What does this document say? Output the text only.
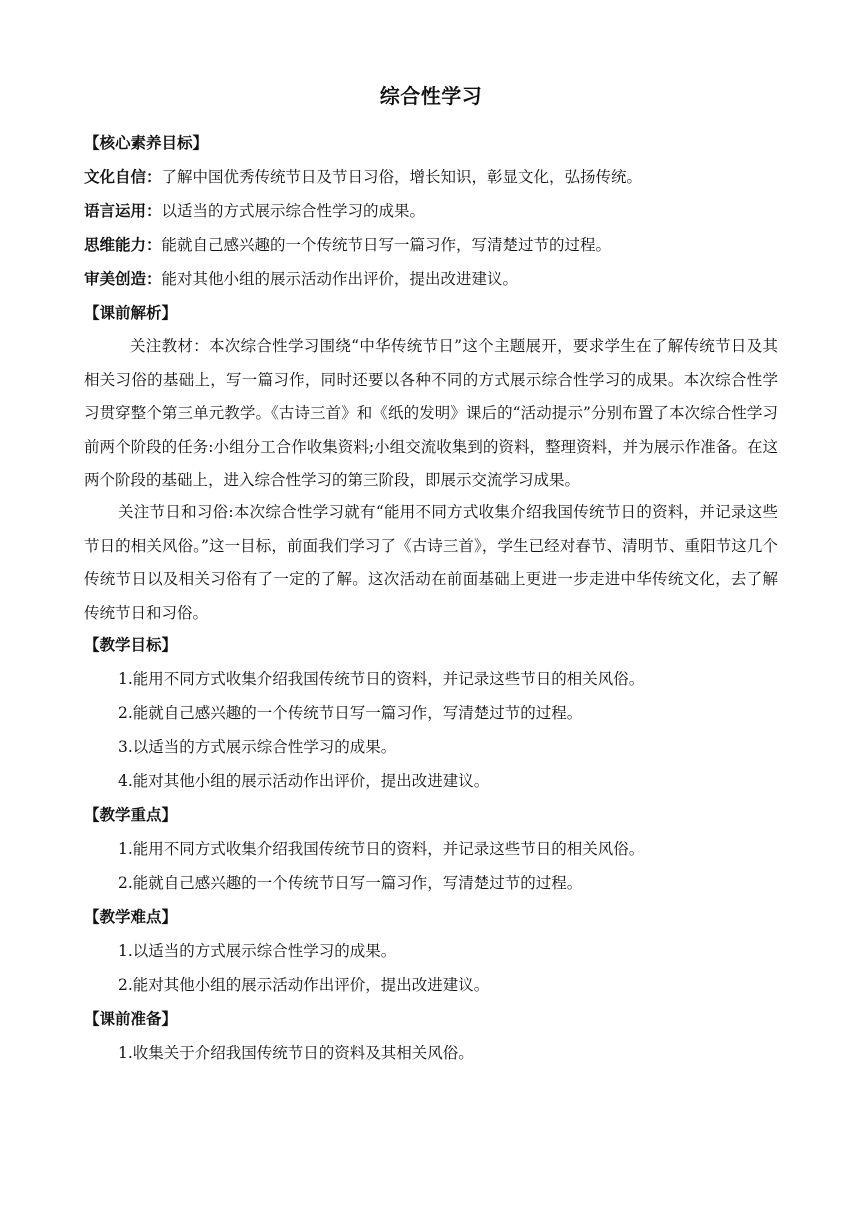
综合性学习
【核心素养目标】
文化自信：了解中国优秀传统节日及节日习俗，增长知识，彰显文化，弘扬传统。
语言运用：以适当的方式展示综合性学习的成果。
思维能力：能就自己感兴趣的一个传统节日写一篇习作，写清楚过节的过程。
审美创造：能对其他小组的展示活动作出评价，提出改进建议。
【课前解析】
关注教材：本次综合性学习围绕“中华传统节日”这个主题展开，要求学生在了解传统节日及其相关习俗的基础上，写一篇习作，同时还要以各种不同的方式展示综合性学习的成果。本次综合性学习贯穿整个第三单元教学。《古诗三首》和《纸的发明》课后的“活动提示”分别布置了本次综合性学习前两个阶段的任务:小组分工合作收集资料;小组交流收集到的资料，整理资料，并为展示作准备。在这两个阶段的基础上，进入综合性学习的第三阶段，即展示交流学习成果。
关注节日和习俗:本次综合性学习就有“能用不同方式收集介绍我国传统节日的资料，并记录这些节日的相关风俗。”这一目标，前面我们学习了《古诗三首》，学生已经对春节、清明节、重阳节这几个传统节日以及相关习俗有了一定的了解。这次活动在前面基础上更进一步走进中华传统文化，去了解传统节日和习俗。
【教学目标】
1.能用不同方式收集介绍我国传统节日的资料，并记录这些节日的相关风俗。
2.能就自己感兴趣的一个传统节日写一篇习作，写清楚过节的过程。
3.以适当的方式展示综合性学习的成果。
4.能对其他小组的展示活动作出评价，提出改进建议。
【教学重点】
1.能用不同方式收集介绍我国传统节日的资料，并记录这些节日的相关风俗。
2.能就自己感兴趣的一个传统节日写一篇习作，写清楚过节的过程。
【教学难点】
1.以适当的方式展示综合性学习的成果。
2.能对其他小组的展示活动作出评价，提出改进建议。
【课前准备】
1.收集关于介绍我国传统节日的资料及其相关风俗。
